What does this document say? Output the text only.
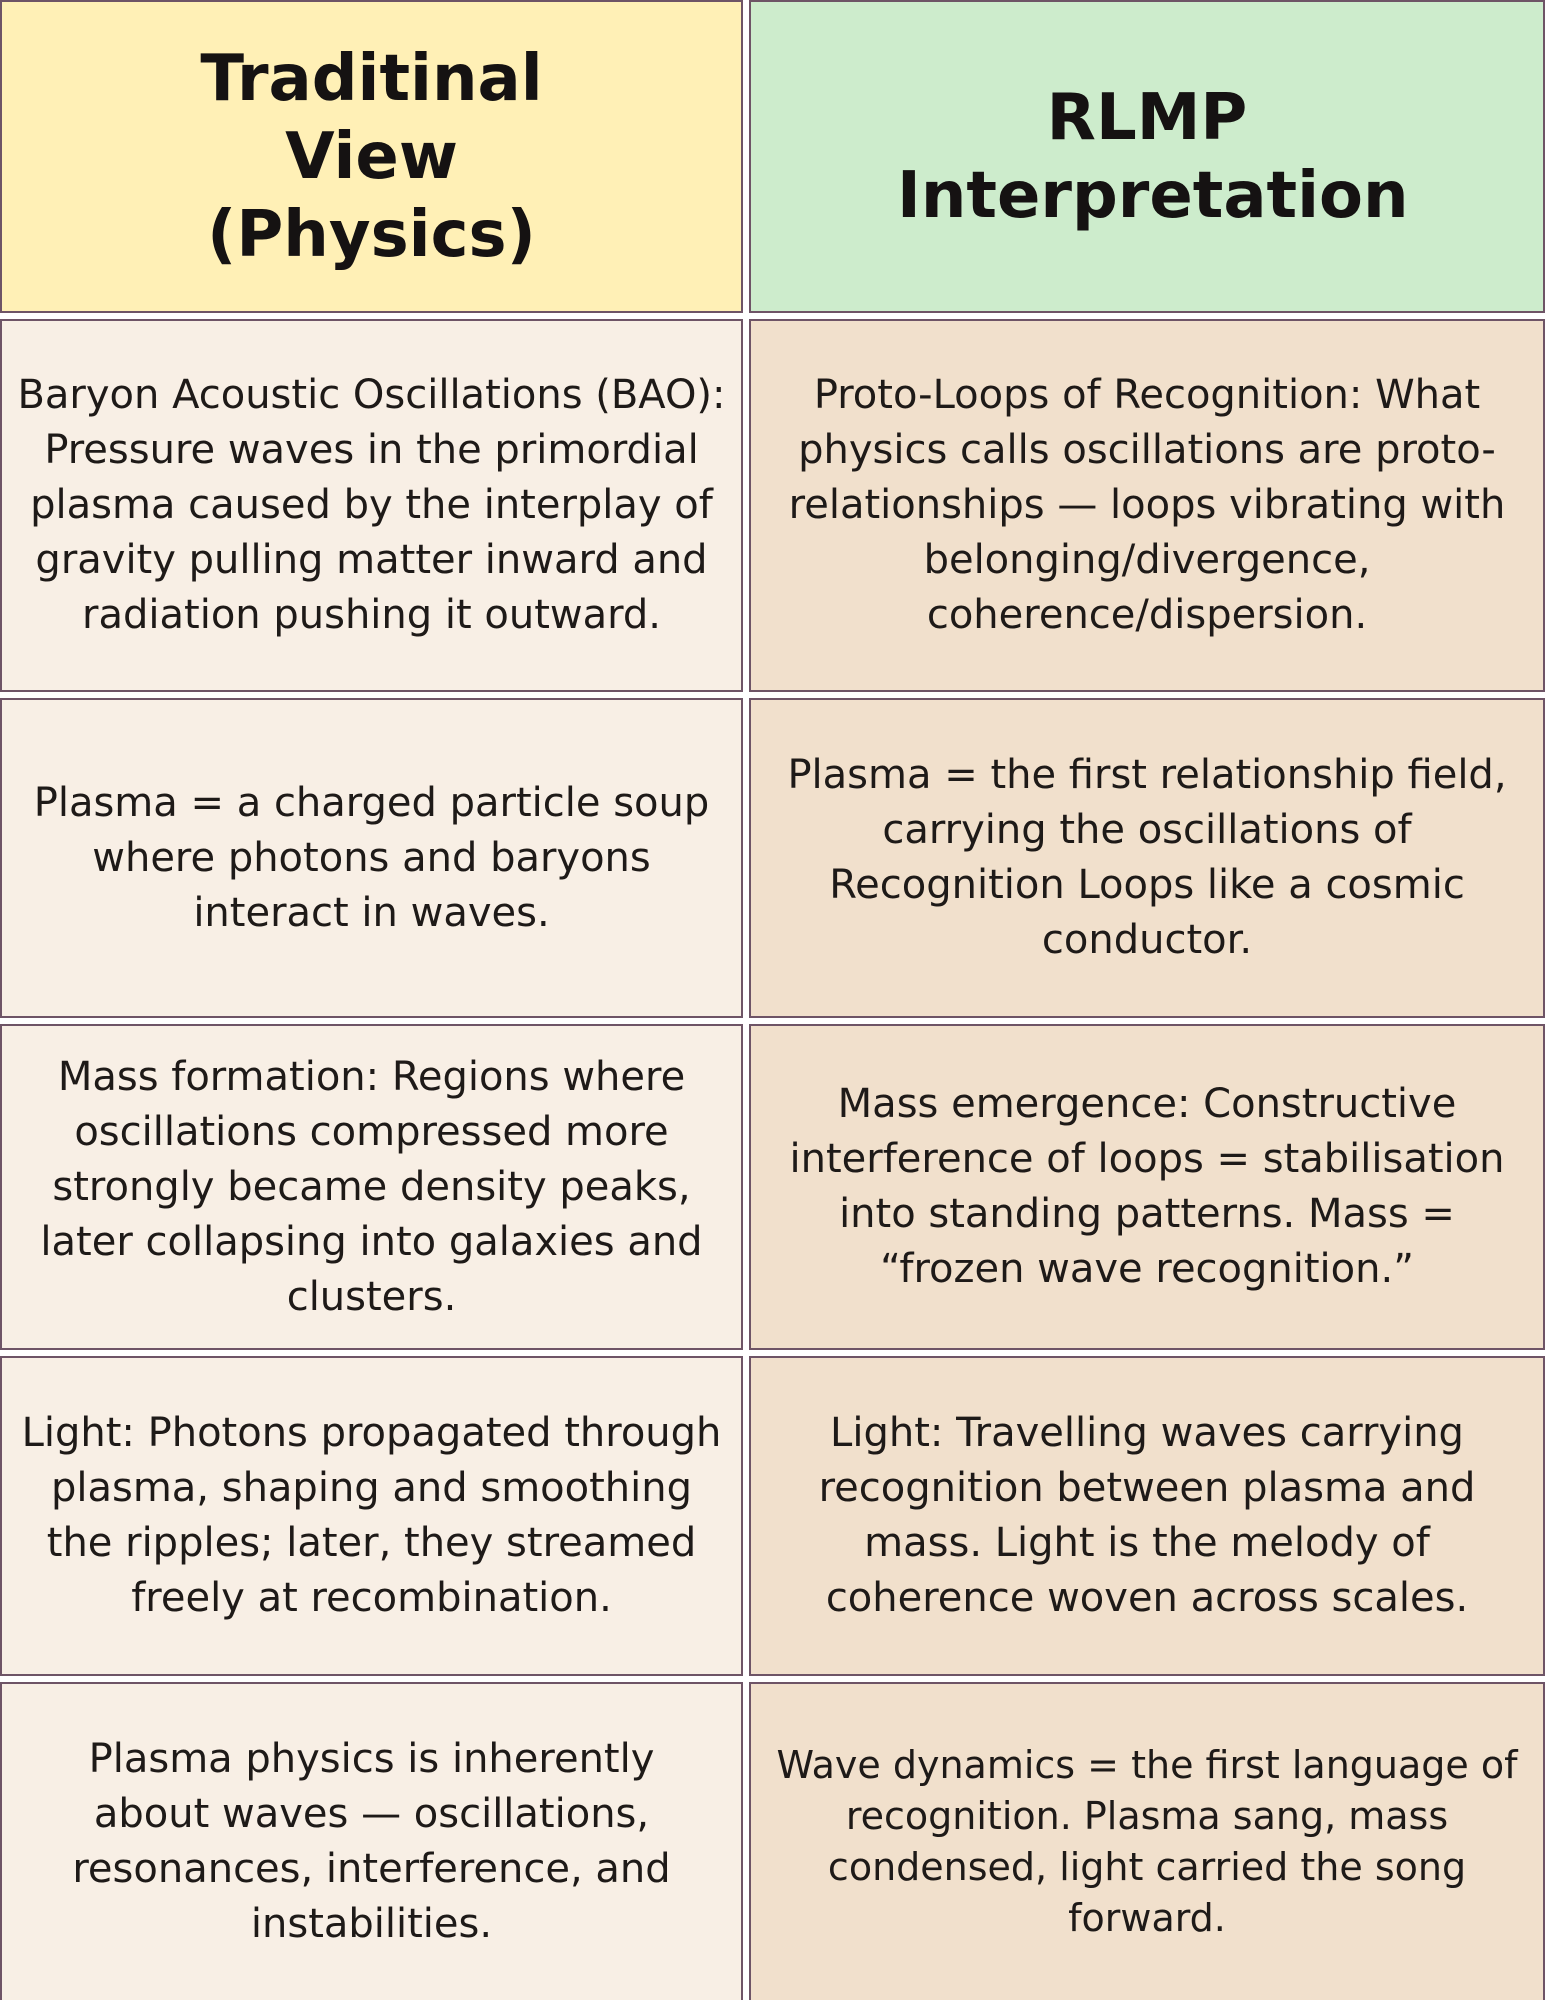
Traditinal View (Physics)
RLMP Interpretation
Baryon Acoustic Oscillations (BAO): Pressure waves in the primordial plasma caused by the interplay of gravity pulling matter inward and radiation pushing it outward.
Proto-Loops of Recognition: What physics calls oscillations are proto-relationships — loops vibrating with belonging/divergence, coherence/dispersion.
Plasma = a charged particle soup where photons and baryons interact in waves.
Plasma = the first relationship field, carrying the oscillations of Recognition Loops like a cosmic conductor.
Mass formation: Regions where oscillations compressed more strongly became density peaks, later collapsing into galaxies and clusters.
Mass emergence: Constructive interference of loops = stabilisation into standing patterns. Mass = “frozen wave recognition.”
Light: Photons propagated through plasma, shaping and smoothing the ripples; later, they streamed freely at recombination.
Light: Travelling waves carrying recognition between plasma and mass. Light is the melody of coherence woven across scales.
Plasma physics is inherently about waves — oscillations, resonances, interference, and instabilities.
Wave dynamics = the first language of recognition. Plasma sang, mass condensed, light carried the song forward.
